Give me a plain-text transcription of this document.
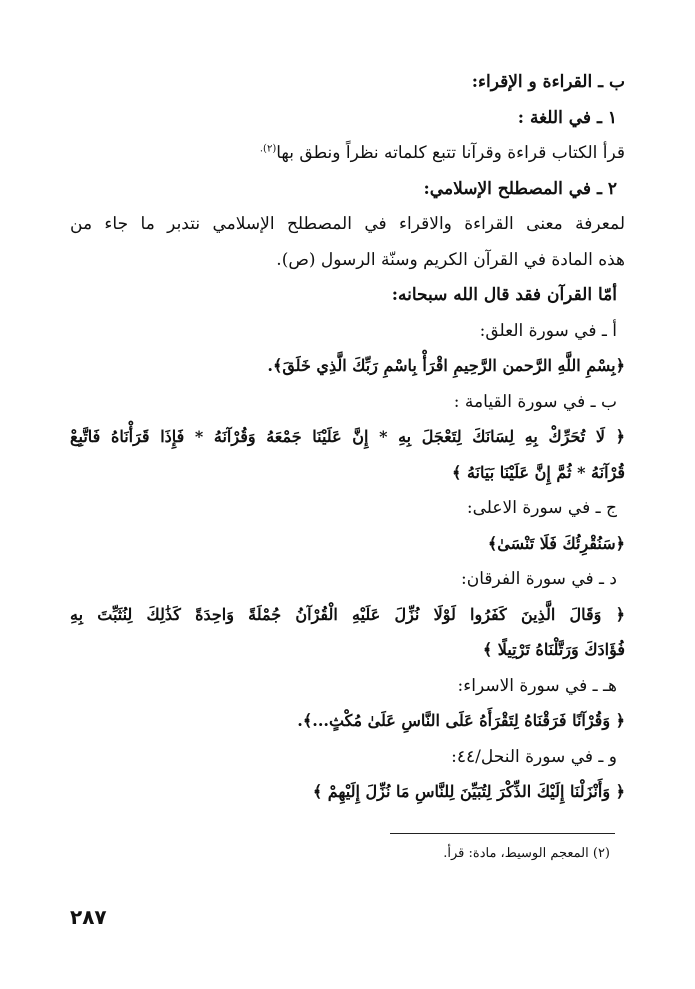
ب ـ القراءة و الإقراء:
١ ـ في اللغة :
قرأ الكتاب قراءة وقرآنا تتبع كلماته نظراً ونطق بها$^{(٢).}$
٢ ـ في المصطلح الإسلامي:
لمعرفة معنى القراءة والاقراء في المصطلح الإسلامي نتدبر ما جاء من
هذه المادة في القرآن الكريم وسنّة الرسول (ص).
أمّا القرآن فقد قال الله سبحانه:
أ ـ في سورة العلق:
﴿بِسْمِ اللَّهِ الرَّحمن الرَّحِيمِ اقْرَأْ بِاسْمِ رَبِّكَ الَّذِي خَلَقَ﴾.
ب ـ في سورة القيامة :
﴿ لَا تُحَرِّكْ بِهِ لِسَانَكَ لِتَعْجَلَ بِهِ * إِنَّ عَلَيْنَا جَمْعَهُ وَقُرْآنَهُ * فَإِذَا قَرَأْنَاهُ فَاتَّبِعْ
قُرْآنَهُ * ثُمَّ إِنَّ عَلَيْنَا بَيَانَهُ ﴾
ج ـ في سورة الاعلى:
﴿سَنُقْرِئُكَ فَلَا تَنْسَىٰ﴾
د ـ في سورة الفرقان:
﴿ وَقَالَ الَّذِينَ كَفَرُوا لَوْلَا نُزِّلَ عَلَيْهِ الْقُرْآنُ جُمْلَةً وَاحِدَةً كَذَٰلِكَ لِنُثَبِّتَ بِهِ
فُؤَادَكَ وَرَتَّلْنَاهُ تَرْتِيلًا ﴾
هـ ـ في سورة الاسراء:
﴿ وَقُرْآنًا فَرَقْنَاهُ لِتَقْرَأَهُ عَلَى النَّاسِ عَلَىٰ مُكْثٍ...﴾.
و ـ في سورة النحل/٤٤:
﴿ وَأَنْزَلْنَا إِلَيْكَ الذِّكْرَ لِتُبَيِّنَ لِلنَّاسِ مَا نُزِّلَ إِلَيْهِمْ ﴾
(٢) المعجم الوسيط، مادة: قرأ.
٢٨٧
